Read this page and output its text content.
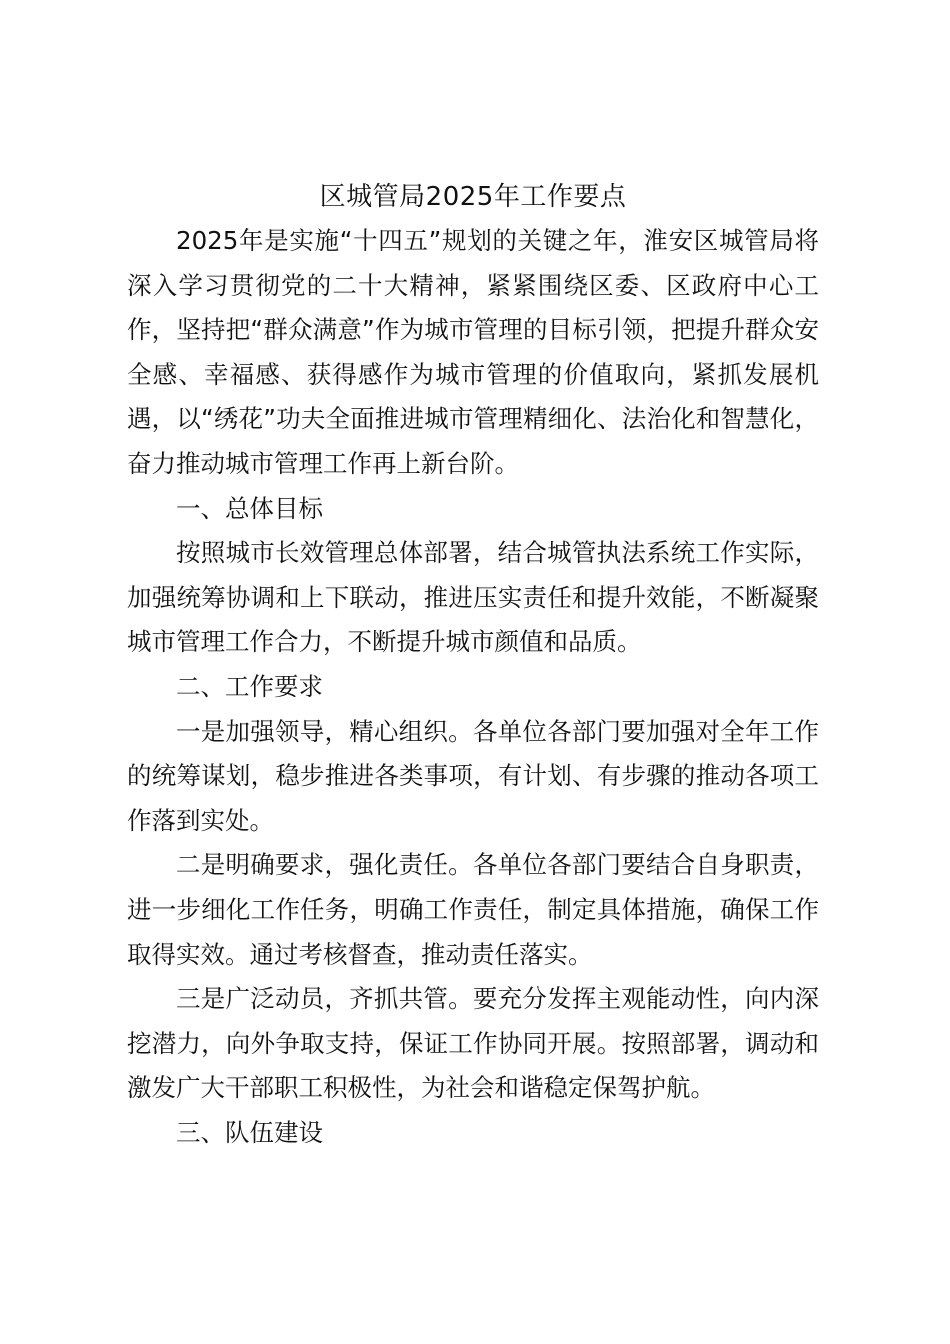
区城管局2025年工作要点

2025年是实施“十四五”规划的关键之年，淮安区城管局将深入学习贯彻党的二十大精神，紧紧围绕区委、区政府中心工作，坚持把“群众满意”作为城市管理的目标引领，把提升群众安全感、幸福感、获得感作为城市管理的价值取向，紧抓发展机遇，以“绣花”功夫全面推进城市管理精细化、法治化和智慧化，奋力推动城市管理工作再上新台阶。

一、总体目标

按照城市长效管理总体部署，结合城管执法系统工作实际，加强统筹协调和上下联动，推进压实责任和提升效能，不断凝聚城市管理工作合力，不断提升城市颜值和品质。

二、工作要求

一是加强领导，精心组织。各单位各部门要加强对全年工作的统筹谋划，稳步推进各类事项，有计划、有步骤的推动各项工作落到实处。

二是明确要求，强化责任。各单位各部门要结合自身职责，进一步细化工作任务，明确工作责任，制定具体措施，确保工作取得实效。通过考核督查，推动责任落实。

三是广泛动员，齐抓共管。要充分发挥主观能动性，向内深挖潜力，向外争取支持，保证工作协同开展。按照部署，调动和激发广大干部职工积极性，为社会和谐稳定保驾护航。

三、队伍建设
